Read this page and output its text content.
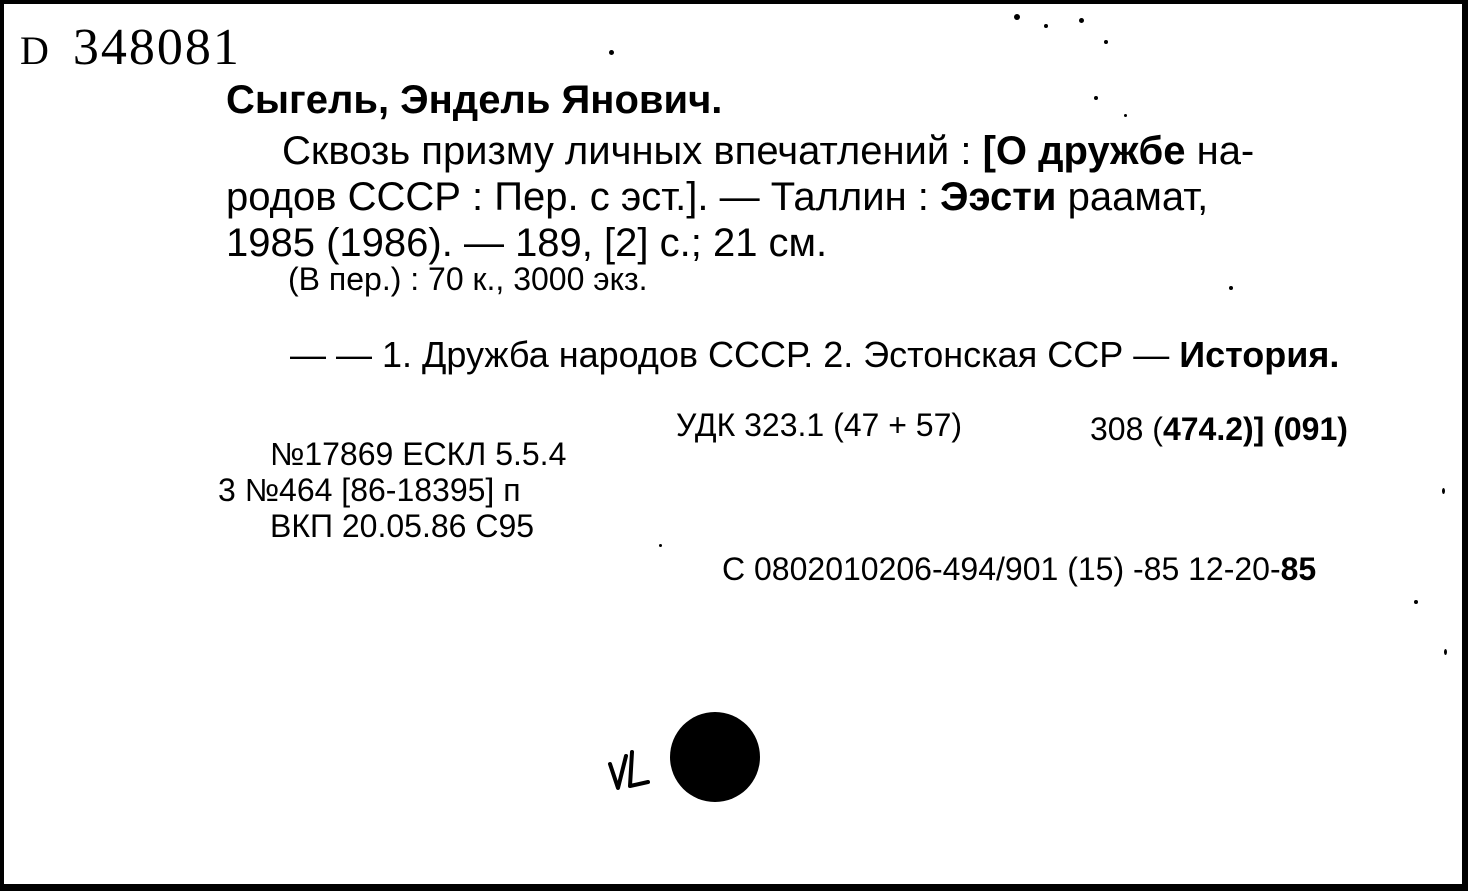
D 348081
Сыгель, Эндель Янович.
Сквозь призму личных впечатлений : [О дружбе на-
родов СССР : Пер. с эст.]. — Таллин : Ээсти раамат,
1985 (1986). — 189, [2] с.; 21 см.
(В пер.) : 70 к., 3000 экз.
— — 1. Дружба народов СССР. 2. Эстонская ССР — История.
УДК 323.1 (47 + 57)	308 (474.2)] (091)
№17869 ЕСКЛ 5.5.4
3 №464 [86-18395] п
ВКП 20.05.86 С95
С 0802010206-494/901 (15) -85 12-20-85
